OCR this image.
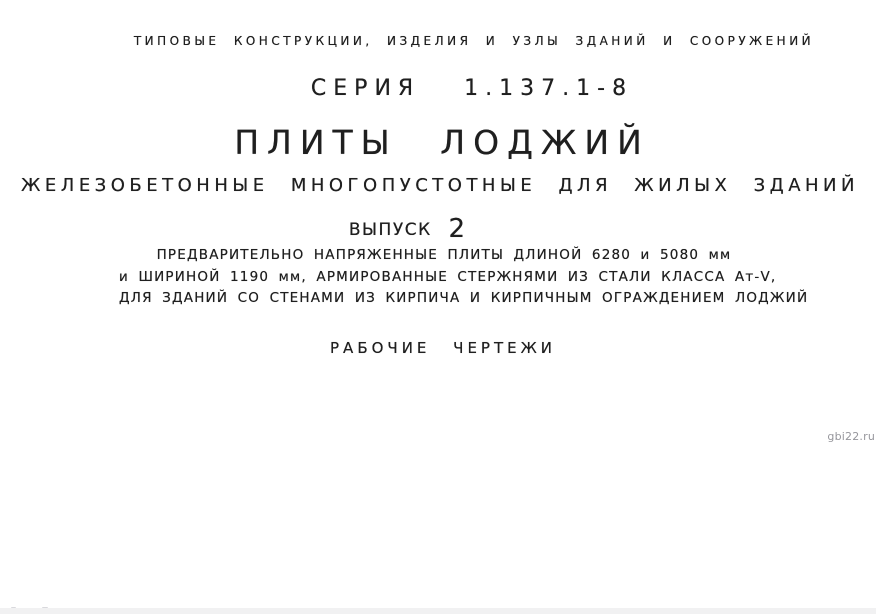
ТИПОВЫЕ КОНСТРУКЦИИ, ИЗДЕЛИЯ И УЗЛЫ ЗДАНИЙ И СООРУЖЕНИЙ
СЕРИЯ 1.137.1-8
ПЛИТЫ ЛОДЖИЙ
ЖЕЛЕЗОБЕТОННЫЕ МНОГОПУСТОТНЫЕ ДЛЯ ЖИЛЫХ ЗДАНИЙ
ВЫПУСК 2
ПРЕДВАРИТЕЛЬНО НАПРЯЖЕННЫЕ ПЛИТЫ ДЛИНОЙ 6280 и 5080 мм
и ШИРИНОЙ 1190 мм, АРМИРОВАННЫЕ СТЕРЖНЯМИ ИЗ СТАЛИ КЛАССА Ат-V,
ДЛЯ ЗДАНИЙ СО СТЕНАМИ ИЗ КИРПИЧА И КИРПИЧНЫМ ОГРАЖДЕНИЕМ ЛОДЖИЙ
РАБОЧИЕ ЧЕРТЕЖИ
gbi22.ru
